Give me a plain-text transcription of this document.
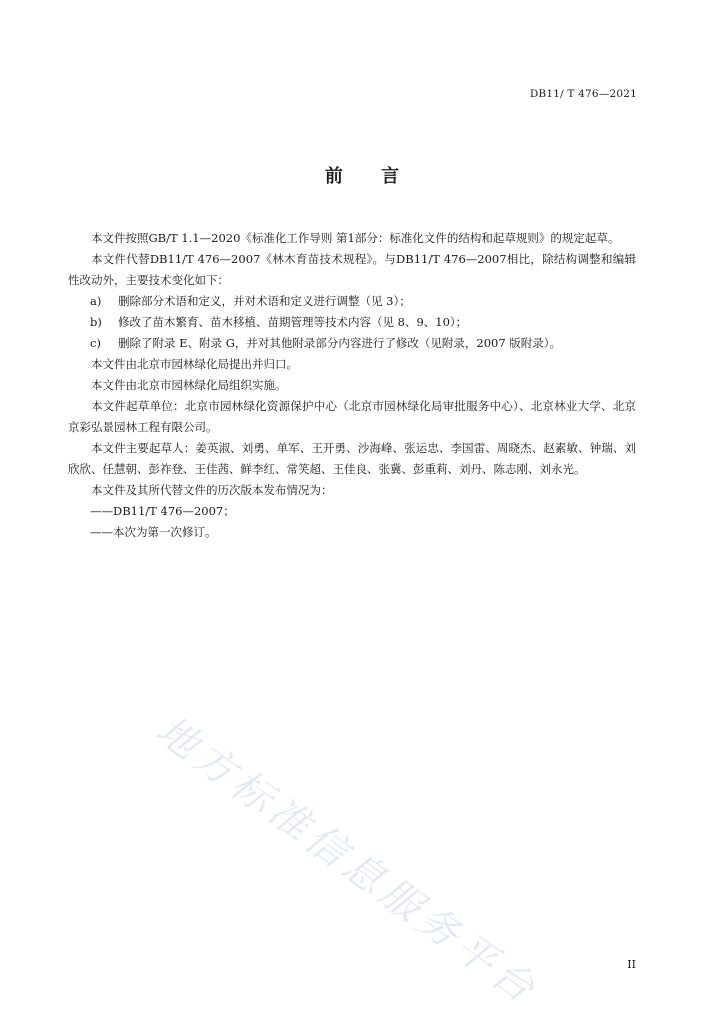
DB11/ T 476—2021
前 言

本文件按照GB/T 1.1—2020《标准化工作导则 第1部分：标准化文件的结构和起草规则》的规定起草。

本文件代替DB11/T 476—2007《林木育苗技术规程》。与DB11/T 476—2007相比，除结构调整和编辑性改动外，主要技术变化如下：

a)	删除部分术语和定义，并对术语和定义进行调整（见 3）；
b)	修改了苗木繁育、苗木移植、苗期管理等技术内容（见 8、9、10）；
c)	删除了附录 E、附录 G，并对其他附录部分内容进行了修改（见附录，2007 版附录）。

本文件由北京市园林绿化局提出并归口。

本文件由北京市园林绿化局组织实施。

本文件起草单位：北京市园林绿化资源保护中心（北京市园林绿化局审批服务中心）、北京林业大学、北京京彩弘景园林工程有限公司。

本文件主要起草人：姜英淑、刘勇、单军、王开勇、沙海峰、张运忠、李国雷、周晓杰、赵素敏、钟瑞、刘欣欣、任慧朝、彭祚登、王佳茜、鲜李红、常笑超、王佳良、张冀、彭重莉、刘丹、陈志刚、刘永光。

本文件及其所代替文件的历次版本发布情况为：

——DB11/T 476—2007；

——本次为第一次修订。

地方标准信息服务平台	II
